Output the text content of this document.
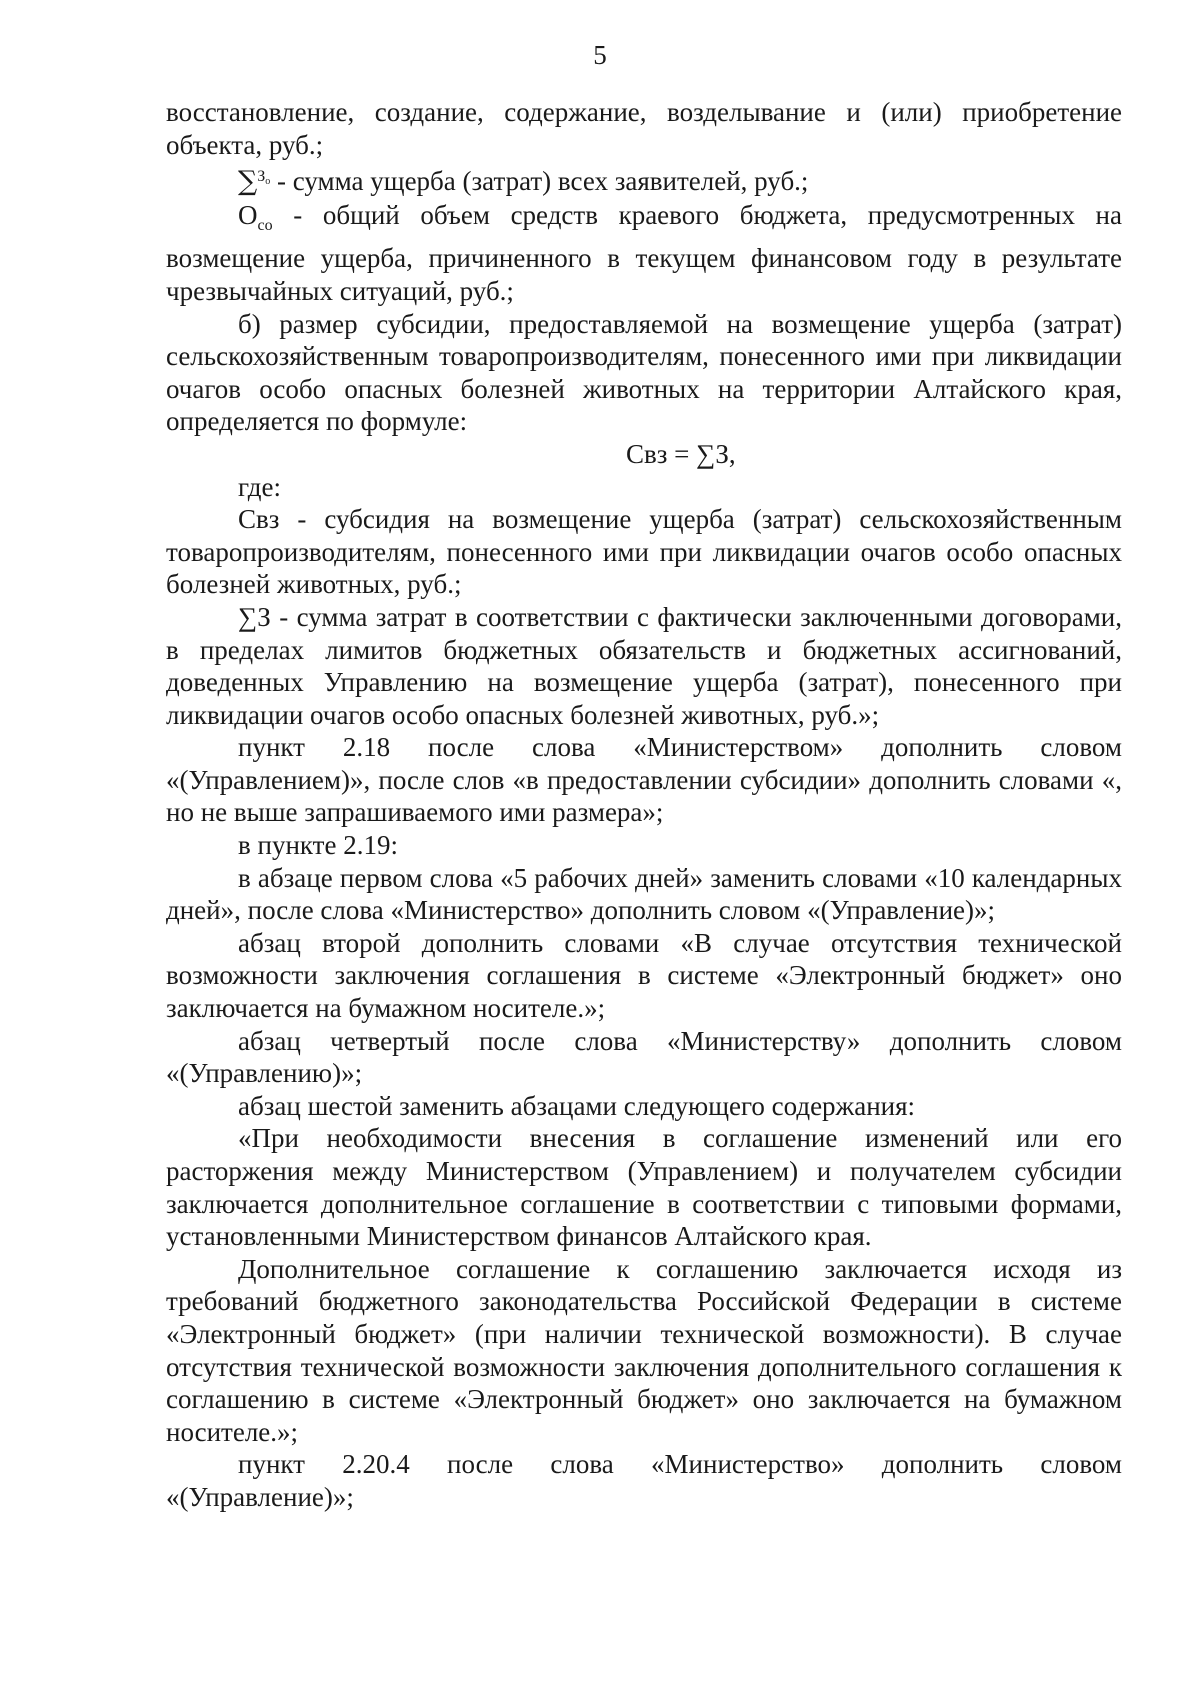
5

восстановление, создание, содержание, возделывание и (или) приобретение объекта, руб.;

∑$^{Зо}$ - сумма ущерба (затрат) всех заявителей, руб.;

$О_{со}$ - общий объем средств краевого бюджета, предусмотренных на возмещение ущерба, причиненного в текущем финансовом году в результате чрезвычайных ситуаций, руб.;

б) размер субсидии, предоставляемой на возмещение ущерба (затрат) сельскохозяйственным товаропроизводителям, понесенного ими при ликвидации очагов особо опасных болезней животных на территории Алтайского края, определяется по формуле:

Свз = ∑З,

где:

Свз - субсидия на возмещение ущерба (затрат) сельскохозяйственным товаропроизводителям, понесенного ими при ликвидации очагов особо опасных болезней животных, руб.;

∑З - сумма затрат в соответствии с фактически заключенными договорами, в пределах лимитов бюджетных обязательств и бюджетных ассигнований, доведенных Управлению на возмещение ущерба (затрат), понесенного при ликвидации очагов особо опасных болезней животных, руб.»;

пункт 2.18 после слова «Министерством» дополнить словом «(Управлением)», после слов «в предоставлении субсидии» дополнить словами «, но не выше запрашиваемого ими размера»;

в пункте 2.19:

в абзаце первом слова «5 рабочих дней» заменить словами «10 календарных дней», после слова «Министерство» дополнить словом «(Управление)»;

абзац второй дополнить словами «В случае отсутствия технической возможности заключения соглашения в системе «Электронный бюджет» оно заключается на бумажном носителе.»;

абзац четвертый после слова «Министерству» дополнить словом «(Управлению)»;

абзац шестой заменить абзацами следующего содержания:

«При необходимости внесения в соглашение изменений или его расторжения между Министерством (Управлением) и получателем субсидии заключается дополнительное соглашение в соответствии с типовыми формами, установленными Министерством финансов Алтайского края.

Дополнительное соглашение к соглашению заключается исходя из требований бюджетного законодательства Российской Федерации в системе «Электронный бюджет» (при наличии технической возможности). В случае отсутствия технической возможности заключения дополнительного соглашения к соглашению в системе «Электронный бюджет» оно заключается на бумажном носителе.»;

пункт 2.20.4 после слова «Министерство» дополнить словом «(Управление)»;
